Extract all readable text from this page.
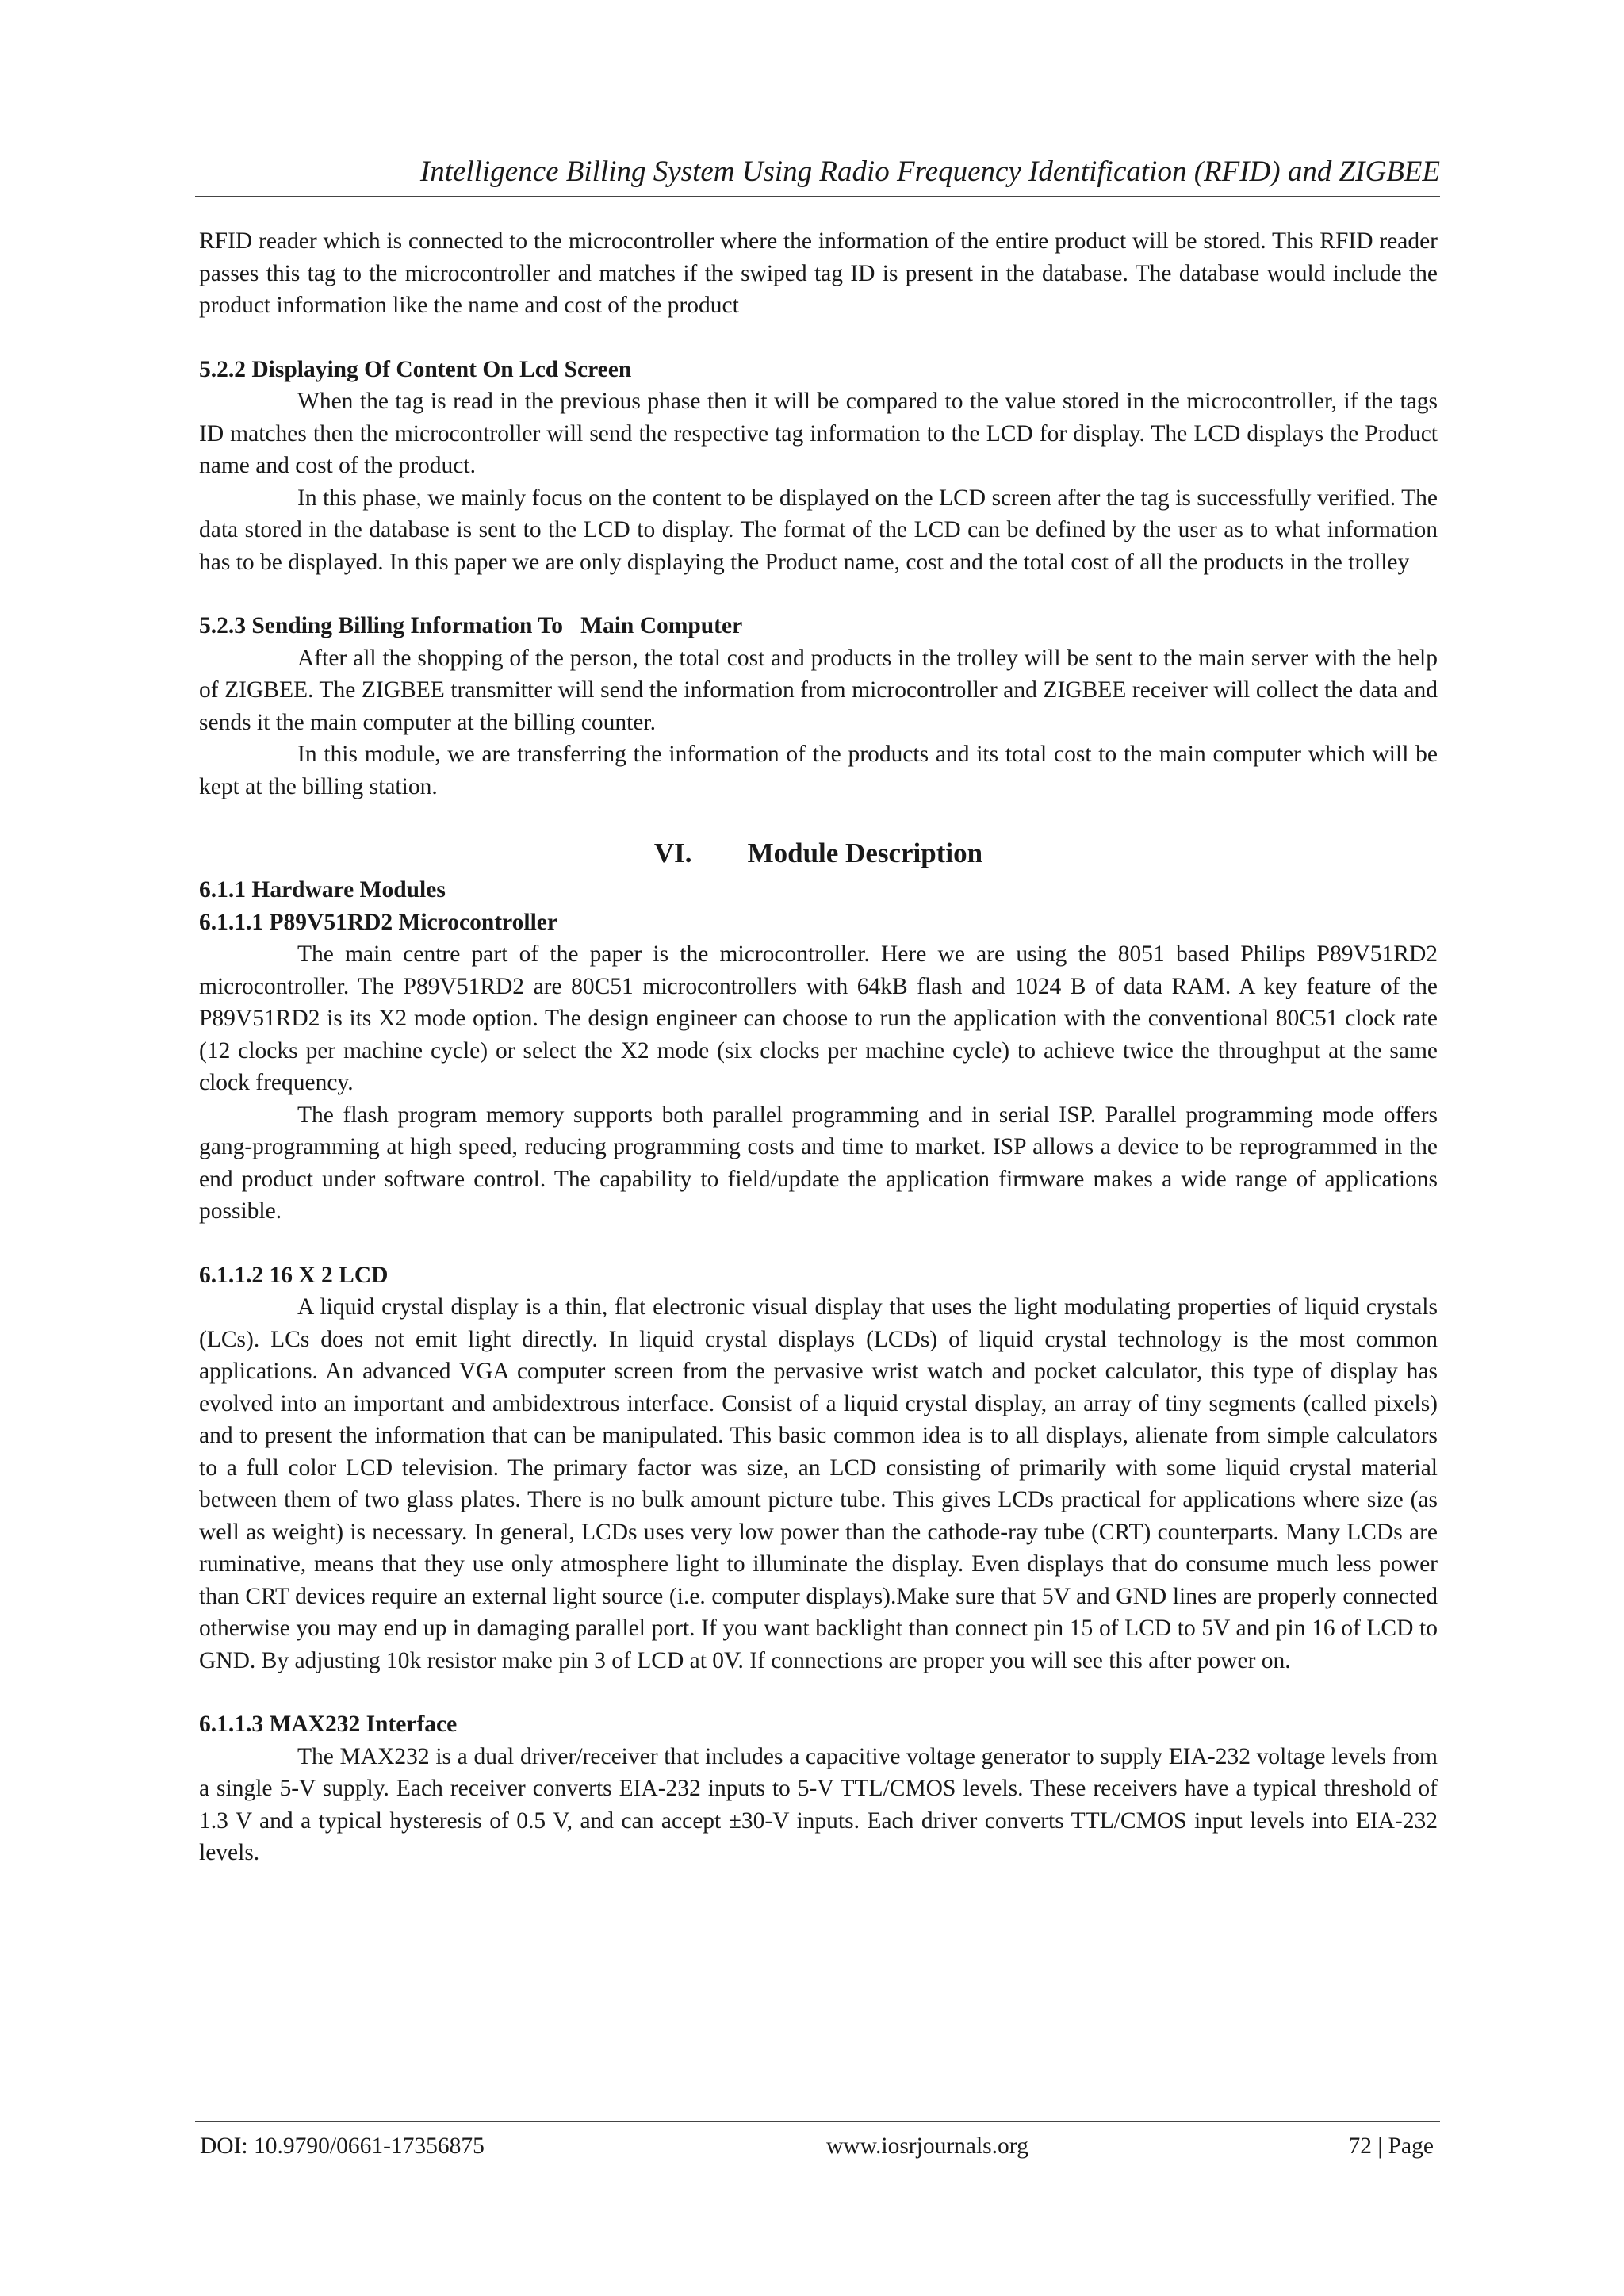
Intelligence Billing System Using Radio Frequency Identification (RFID) and ZIGBEE

RFID reader which is connected to the microcontroller where the information of the entire product will be stored. This RFID reader passes this tag to the microcontroller and matches if the swiped tag ID is present in the database. The database would include the product information like the name and cost of the product

5.2.2 Displaying Of Content On Lcd Screen

When the tag is read in the previous phase then it will be compared to the value stored in the microcontroller, if the tags ID matches then the microcontroller will send the respective tag information to the LCD for display. The LCD displays the Product name and cost of the product.

In this phase, we mainly focus on the content to be displayed on the LCD screen after the tag is successfully verified. The data stored in the database is sent to the LCD to display. The format of the LCD can be defined by the user as to what information has to be displayed. In this paper we are only displaying the Product name, cost and the total cost of all the products in the trolley

5.2.3 Sending Billing Information To   Main Computer

After all the shopping of the person, the total cost and products in the trolley will be sent to the main server with the help of ZIGBEE. The ZIGBEE transmitter will send the information from microcontroller and ZIGBEE receiver will collect the data and sends it the main computer at the billing counter.

In this module, we are transferring the information of the products and its total cost to the main computer which will be kept at the billing station.

VI. Module Description
6.1.1 Hardware Modules
6.1.1.1 P89V51RD2 Microcontroller

The main centre part of the paper is the microcontroller. Here we are using the 8051 based Philips P89V51RD2 microcontroller. The P89V51RD2 are 80C51 microcontrollers with 64kB flash and 1024 B of data RAM. A key feature of the P89V51RD2 is its X2 mode option. The design engineer can choose to run the application with the conventional 80C51 clock rate (12 clocks per machine cycle) or select the X2 mode (six clocks per machine cycle) to achieve twice the throughput at the same clock frequency.

The flash program memory supports both parallel programming and in serial ISP. Parallel programming mode offers gang-programming at high speed, reducing programming costs and time to market. ISP allows a device to be reprogrammed in the end product under software control. The capability to field/update the application firmware makes a wide range of applications possible.

6.1.1.2 16 X 2 LCD

A liquid crystal display is a thin, flat electronic visual display that uses the light modulating properties of liquid crystals (LCs). LCs does not emit light directly. In liquid crystal displays (LCDs) of liquid crystal technology is the most common applications. An advanced VGA computer screen from the pervasive wrist watch and pocket calculator, this type of display has evolved into an important and ambidextrous interface. Consist of a liquid crystal display, an array of tiny segments (called pixels) and to present the information that can be manipulated. This basic common idea is to all displays, alienate from simple calculators to a full color LCD television. The primary factor was size, an LCD consisting of primarily with some liquid crystal material between them of two glass plates. There is no bulk amount picture tube. This gives LCDs practical for applications where size (as well as weight) is necessary. In general, LCDs uses very low power than the cathode-ray tube (CRT) counterparts. Many LCDs are ruminative, means that they use only atmosphere light to illuminate the display. Even displays that do consume much less power than CRT devices require an external light source (i.e. computer displays).Make sure that 5V and GND lines are properly connected otherwise you may end up in damaging parallel port. If you want backlight than connect pin 15 of LCD to 5V and pin 16 of LCD to GND. By adjusting 10k resistor make pin 3 of LCD at 0V. If connections are proper you will see this after power on.

6.1.1.3 MAX232 Interface

The MAX232 is a dual driver/receiver that includes a capacitive voltage generator to supply EIA-232 voltage levels from a single 5-V supply. Each receiver converts EIA-232 inputs to 5-V TTL/CMOS levels. These receivers have a typical threshold of 1.3 V and a typical hysteresis of 0.5 V, and can accept ±30-V inputs. Each driver converts TTL/CMOS input levels into EIA-232 levels.

DOI: 10.9790/0661-17356875	www.iosrjournals.org	72 | Page
